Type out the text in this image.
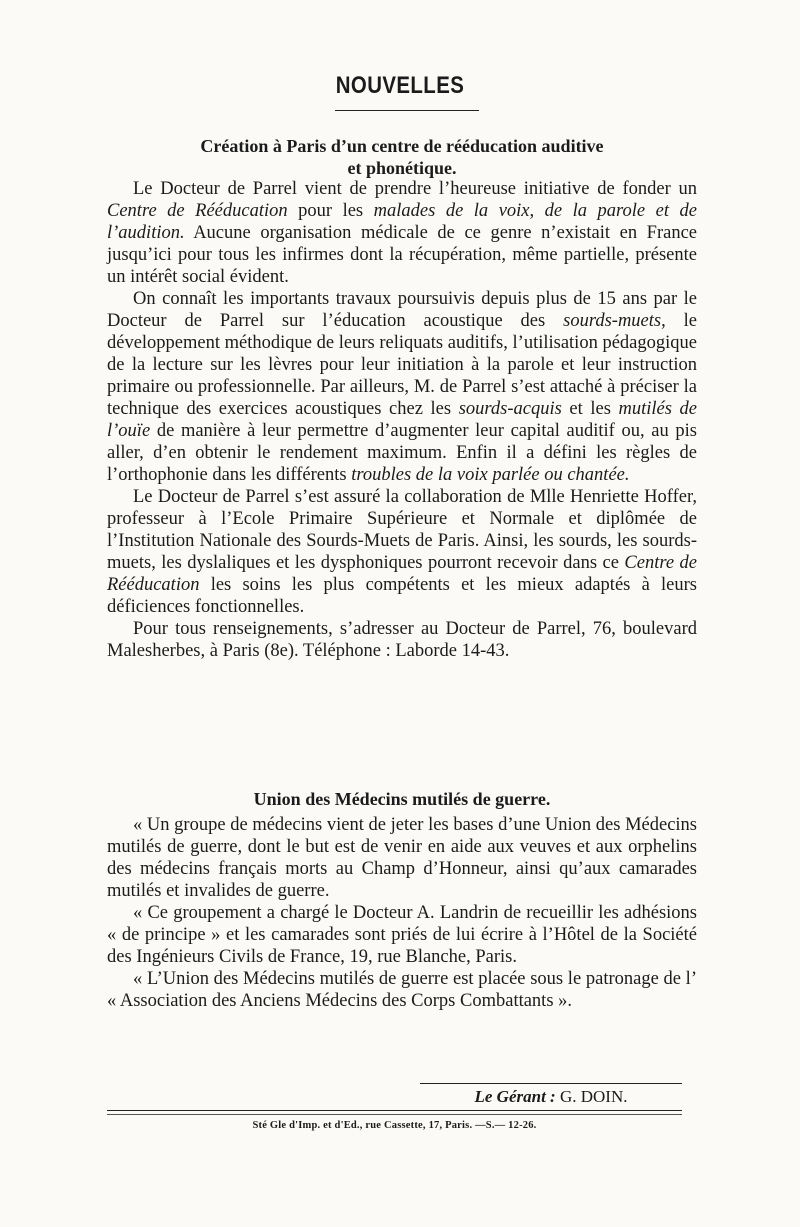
NOUVELLES

Création à Paris d’un centre de rééducation auditive

et phonétique.

Le Docteur de Parrel vient de prendre l’heureuse initiative de fonder un Centre de Rééducation pour les malades de la voix, de la parole et de l’audition. Aucune organisation médicale de ce genre n’existait en France jusqu’ici pour tous les infirmes dont la récupération, même partielle, présente un intérêt social évident.

On connaît les importants travaux poursuivis depuis plus de 15 ans par le Docteur de Parrel sur l’éducation acoustique des sourds-muets, le développement méthodique de leurs reliquats auditifs, l’utilisation pédagogique de la lecture sur les lèvres pour leur initiation à la parole et leur instruction primaire ou professionnelle. Par ailleurs, M. de Parrel s’est attaché à préciser la technique des exercices acoustiques chez les sourds-acquis et les mutilés de l’ouïe de manière à leur permettre d’augmenter leur capital auditif ou, au pis aller, d’en obtenir le rendement maximum. Enfin il a défini les règles de l’orthophonie dans les différents troubles de la voix parlée ou chantée.

Le Docteur de Parrel s’est assuré la collaboration de Mlle Henriette Hoffer, professeur à l’Ecole Primaire Supérieure et Normale et diplômée de l’Institution Nationale des Sourds-Muets de Paris. Ainsi, les sourds, les sourds-muets, les dyslaliques et les dysphoniques pourront recevoir dans ce Centre de Rééducation les soins les plus compétents et les mieux adaptés à leurs déficiences fonctionnelles.

Pour tous renseignements, s’adresser au Docteur de Parrel, 76, boulevard Malesherbes, à Paris (8e). Téléphone : Laborde 14-43.

Union des Médecins mutilés de guerre.

« Un groupe de médecins vient de jeter les bases d’une Union des Médecins mutilés de guerre, dont le but est de venir en aide aux veuves et aux orphelins des médecins français morts au Champ d’Honneur, ainsi qu’aux camarades mutilés et invalides de guerre.

« Ce groupement a chargé le Docteur A. Landrin de recueillir les adhésions « de principe » et les camarades sont priés de lui écrire à l’Hôtel de la Société des Ingénieurs Civils de France, 19, rue Blanche, Paris.

« L’Union des Médecins mutilés de guerre est placée sous le patronage de l’ « Association des Anciens Médecins des Corps Combattants ».

Le Gérant : G. DOIN.
Sté Gle d'Imp. et d'Ed., rue Cassette, 17, Paris. —S.— 12-26.
